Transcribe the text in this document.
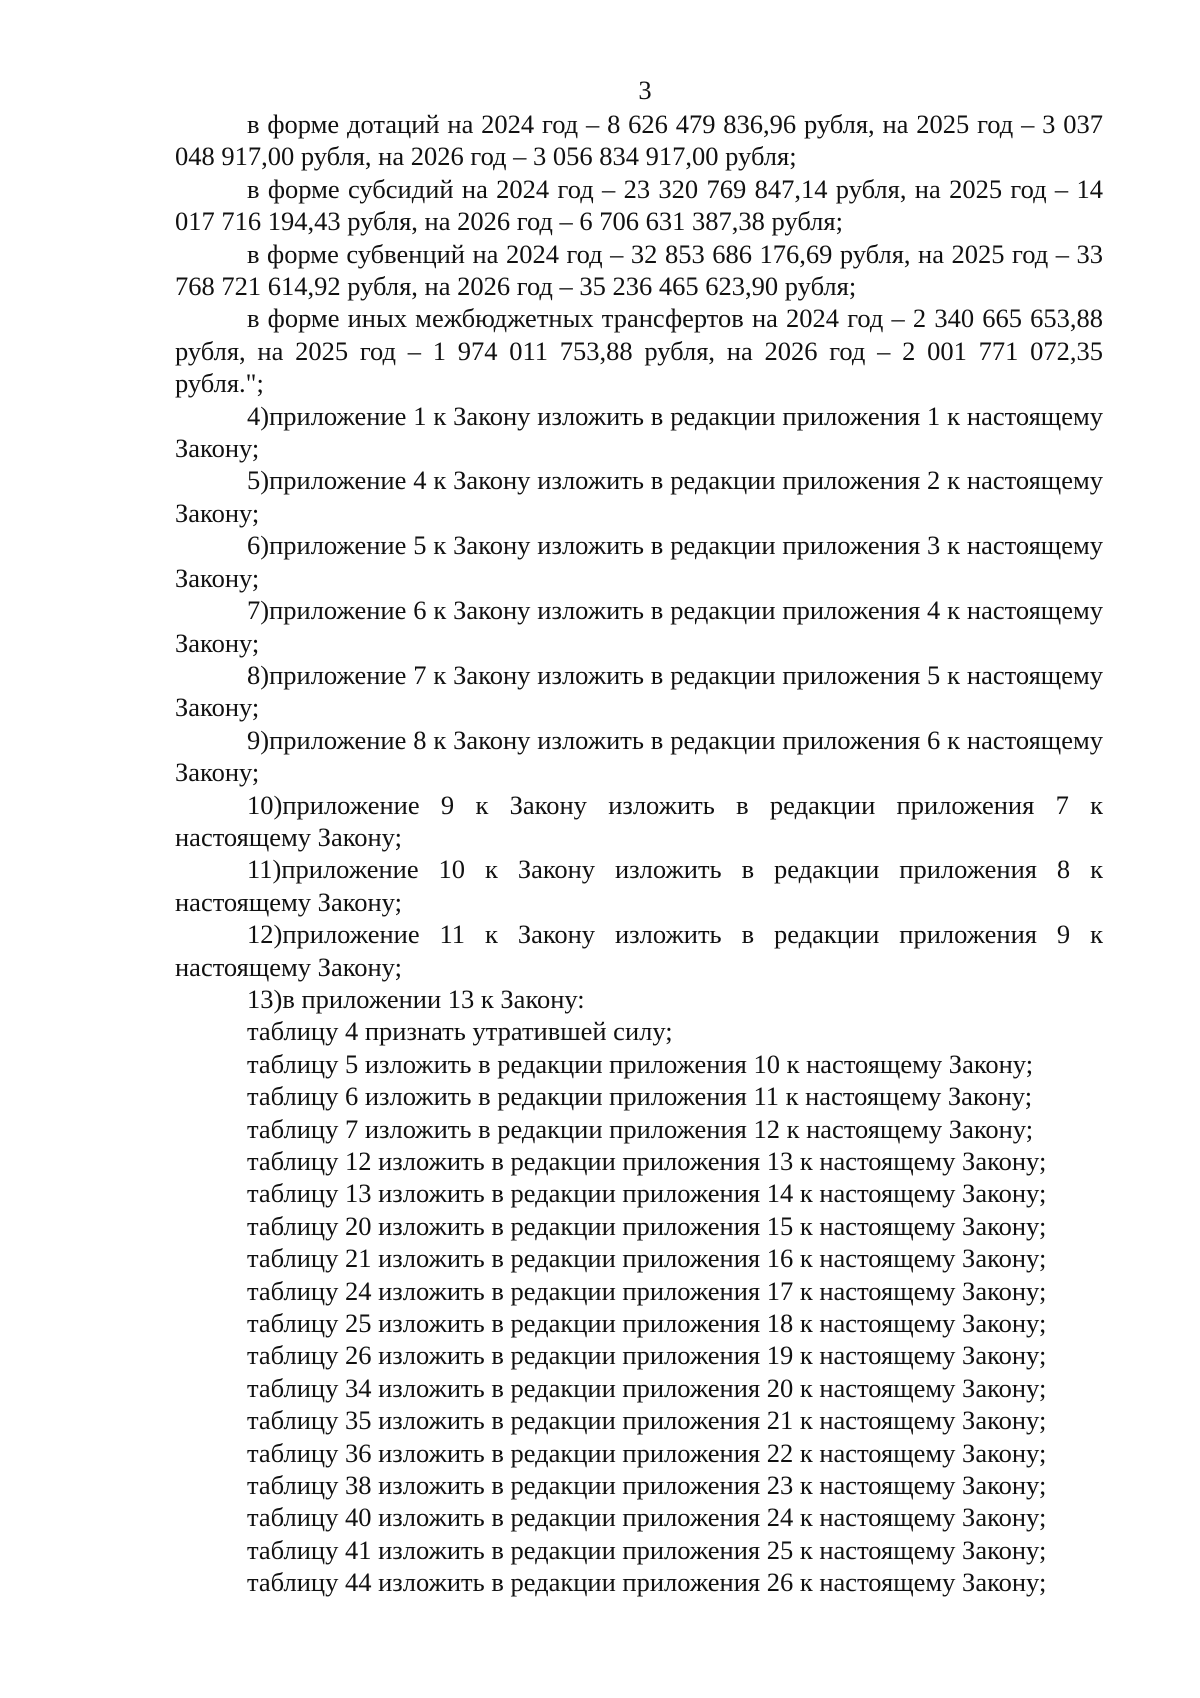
3

в форме дотаций на 2024 год – 8 626 479 836,96 рубля, на 2025 год – 3 037 048 917,00 рубля, на 2026 год – 3 056 834 917,00 рубля;

в форме субсидий на 2024 год – 23 320 769 847,14 рубля, на 2025 год – 14 017 716 194,43 рубля, на 2026 год – 6 706 631 387,38 рубля;

в форме субвенций на 2024 год – 32 853 686 176,69 рубля, на 2025 год – 33 768 721 614,92 рубля, на 2026 год – 35 236 465 623,90 рубля;

в форме иных межбюджетных трансфертов на 2024 год – 2 340 665 653,88 рубля, на 2025 год – 1 974 011 753,88 рубля, на 2026 год – 2 001 771 072,35 рубля.";

4)приложение 1 к Закону изложить в редакции приложения 1 к настоящему Закону;

5)приложение 4 к Закону изложить в редакции приложения 2 к настоящему Закону;

6)приложение 5 к Закону изложить в редакции приложения 3 к настоящему Закону;

7)приложение 6 к Закону изложить в редакции приложения 4 к настоящему Закону;

8)приложение 7 к Закону изложить в редакции приложения 5 к настоящему Закону;

9)приложение 8 к Закону изложить в редакции приложения 6 к настоящему Закону;

10)приложение 9 к Закону изложить в редакции приложения 7 к настоящему Закону;

11)приложение 10 к Закону изложить в редакции приложения 8 к настоящему Закону;

12)приложение 11 к Закону изложить в редакции приложения 9 к настоящему Закону;

13)в приложении 13 к Закону:

таблицу 4 признать утратившей силу;

таблицу 5 изложить в редакции приложения 10 к настоящему Закону;

таблицу 6 изложить в редакции приложения 11 к настоящему Закону;

таблицу 7 изложить в редакции приложения 12 к настоящему Закону;

таблицу 12 изложить в редакции приложения 13 к настоящему Закону;

таблицу 13 изложить в редакции приложения 14 к настоящему Закону;

таблицу 20 изложить в редакции приложения 15 к настоящему Закону;

таблицу 21 изложить в редакции приложения 16 к настоящему Закону;

таблицу 24 изложить в редакции приложения 17 к настоящему Закону;

таблицу 25 изложить в редакции приложения 18 к настоящему Закону;

таблицу 26 изложить в редакции приложения 19 к настоящему Закону;

таблицу 34 изложить в редакции приложения 20 к настоящему Закону;

таблицу 35 изложить в редакции приложения 21 к настоящему Закону;

таблицу 36 изложить в редакции приложения 22 к настоящему Закону;

таблицу 38 изложить в редакции приложения 23 к настоящему Закону;

таблицу 40 изложить в редакции приложения 24 к настоящему Закону;

таблицу 41 изложить в редакции приложения 25 к настоящему Закону;

таблицу 44 изложить в редакции приложения 26 к настоящему Закону;
